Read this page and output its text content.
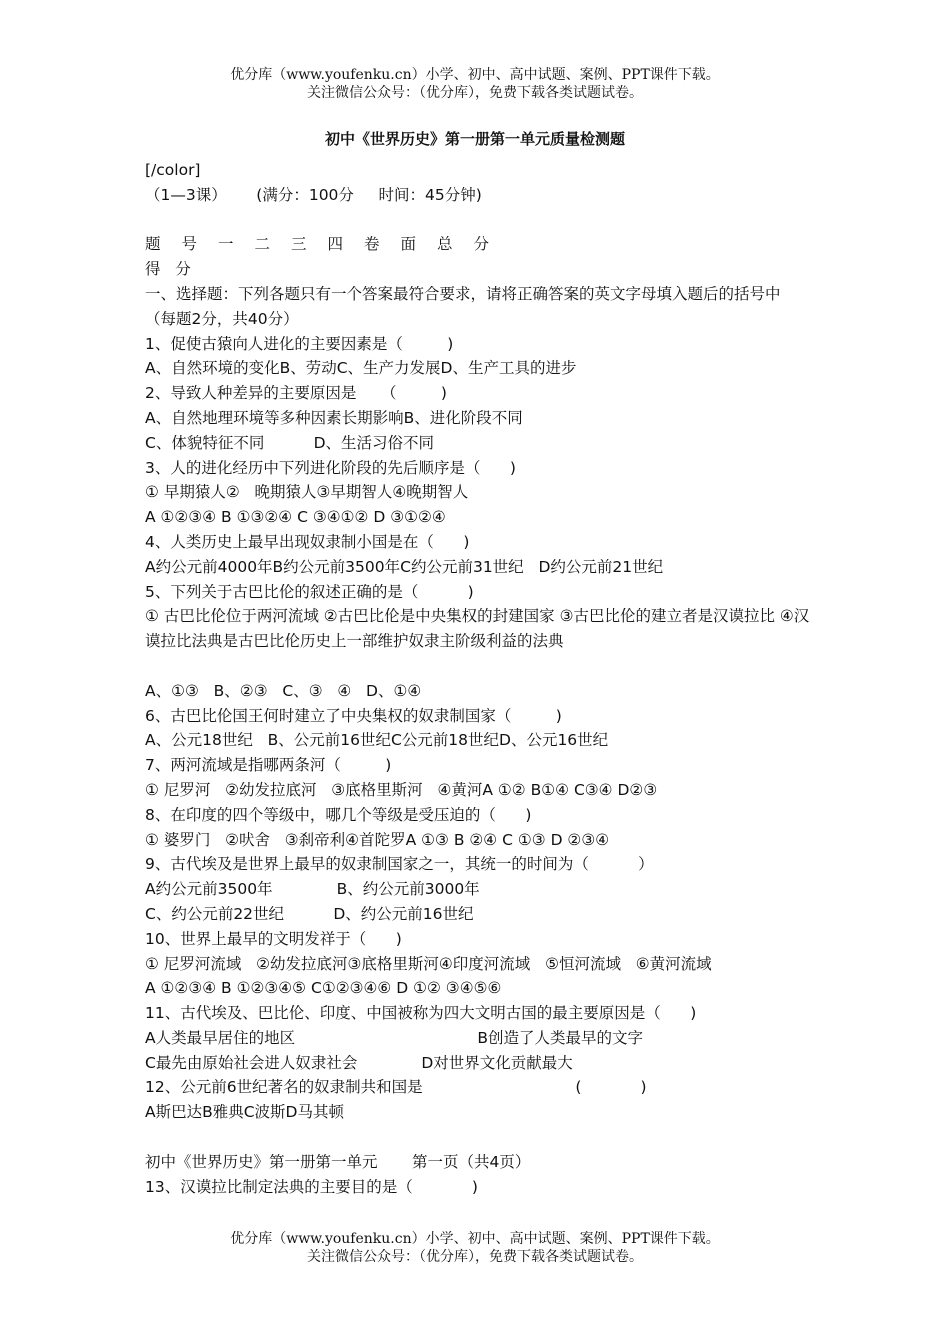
优分库（www.youfenku.cn）小学、初中、高中试题、案例、PPT课件下载。
关注微信公众号：（优分库），免费下载各类试题试卷。
初中《世界历史》第一册第一单元质量检测题
[/color]
（1—3课）      (满分：100分     时间：45分钟)
题	号	一	二	三	四	卷	面	总	分
得   分
一、选择题：下列各题只有一个答案最符合要求，请将正确答案的英文字母填入题后的括号中（每题2分，共40分）
1、促使古猿向人进化的主要因素是（         )
A、自然环境的变化B、劳动C、生产力发展D、生产工具的进步
2、导致人种差异的主要原因是     （         )
A、自然地理环境等多种因素长期影响B、进化阶段不同
C、体貌特征不同          D、生活习俗不同
3、人的进化经历中下列进化阶段的先后顺序是（      )
① 早期猿人②   晚期猿人③早期智人④晚期智人
A ①②③④ B ①③②④ C ③④①② D ③①②④
4、人类历史上最早出现奴隶制小国是在（      )
A约公元前4000年B约公元前3500年C约公元前31世纪   D约公元前21世纪
5、下列关于古巴比伦的叙述正确的是（          )
① 古巴比伦位于两河流域 ②古巴比伦是中央集权的封建国家 ③古巴比伦的建立者是汉谟拉比 ④汉谟拉比法典是古巴比伦历史上一部维护奴隶主阶级利益的法典
A、①③   B、②③   C、③   ④   D、①④
6、古巴比伦国王何时建立了中央集权的奴隶制国家（         )
A、公元18世纪   B、公元前16世纪C公元前18世纪D、公元16世纪
7、两河流域是指哪两条河（         )
① 尼罗河   ②幼发拉底河   ③底格里斯河   ④黄河A ①② B①④ C③④ D②③
8、在印度的四个等级中，哪几个等级是受压迫的（      )
① 婆罗门   ②吠舍   ③刹帝利④首陀罗A ①③ B ②④ C ①③ D ②③④
9、古代埃及是世界上最早的奴隶制国家之一，其统一的时间为（          ）
A约公元前3500年             B、约公元前3000年
C、约公元前22世纪          D、约公元前16世纪
10、世界上最早的文明发祥于（      )
① 尼罗河流域   ②幼发拉底河③底格里斯河④印度河流域   ⑤恒河流域   ⑥黄河流域
A ①②③④ B ①②③④⑤ C①②③④⑥ D ①② ③④⑤⑥
11、古代埃及、巴比伦、印度、中国被称为四大文明古国的最主要原因是（      )
A人类最早居住的地区                                     B创造了人类最早的文字
C最先由原始社会进人奴隶社会             D对世界文化贡献最大
12、公元前6世纪著名的奴隶制共和国是                               (            )
A斯巴达B雅典C波斯D马其顿
初中《世界历史》第一册第一单元       第一页（共4页）
13、汉谟拉比制定法典的主要目的是（            )
优分库（www.youfenku.cn）小学、初中、高中试题、案例、PPT课件下载。
关注微信公众号：（优分库），免费下载各类试题试卷。
